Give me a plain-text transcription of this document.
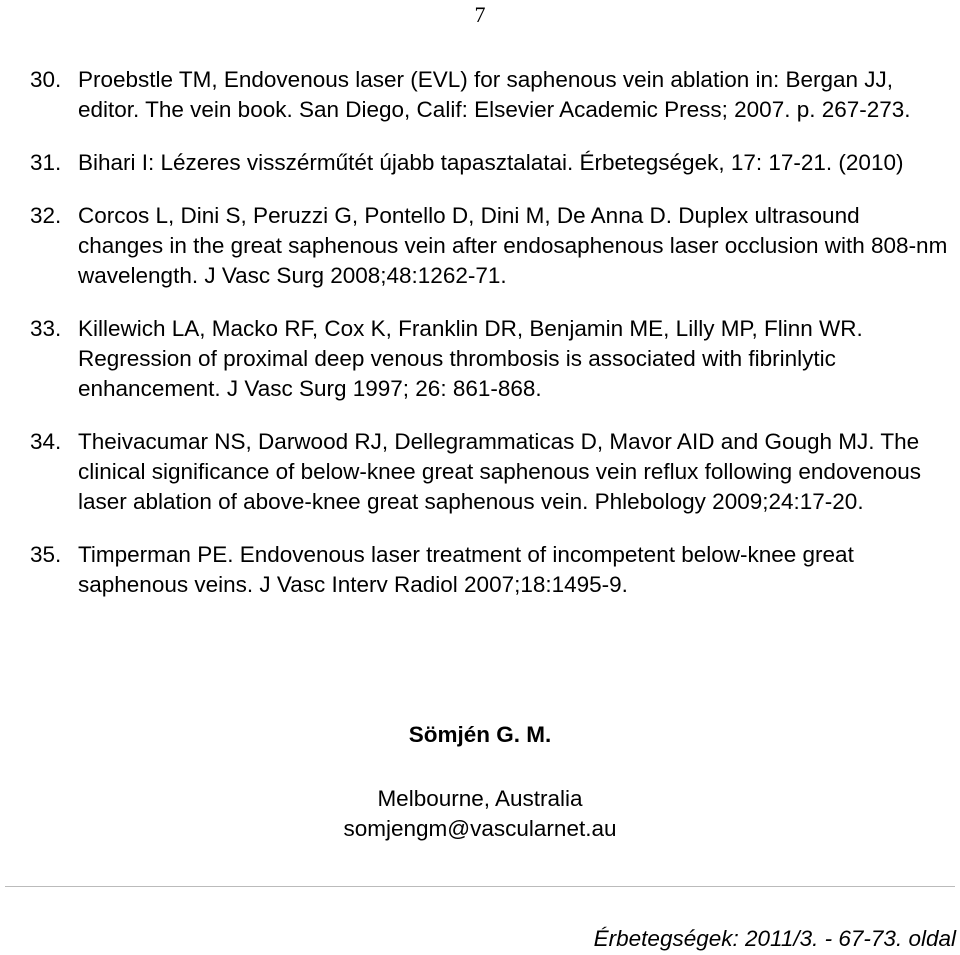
7
30. Proebstle TM, Endovenous laser (EVL) for saphenous vein ablation in: Bergan JJ, editor. The vein book. San Diego, Calif: Elsevier Academic Press; 2007. p. 267-273.
31. Bihari I: Lézeres visszérműtét újabb tapasztalatai. Érbetegségek, 17: 17-21. (2010)
32. Corcos L, Dini S, Peruzzi G, Pontello D, Dini M, De Anna D. Duplex ultrasound changes in the great saphenous vein after endosaphenous laser occlusion with 808-nm wavelength. J Vasc Surg 2008;48:1262-71.
33. Killewich LA, Macko RF, Cox K, Franklin DR, Benjamin ME, Lilly MP, Flinn WR. Regression of proximal deep venous thrombosis is associated with fibrinlytic enhancement. J Vasc Surg 1997; 26: 861-868.
34. Theivacumar NS, Darwood RJ, Dellegrammaticas D, Mavor AID and Gough MJ. The clinical significance of below-knee great saphenous vein reflux following endovenous laser ablation of above-knee great saphenous vein. Phlebology 2009;24:17-20.
35. Timperman PE. Endovenous laser treatment of incompetent below-knee great saphenous veins. J Vasc Interv Radiol 2007;18:1495-9.
Sömjén G. M.
Melbourne, Australia
somjengm@vascularnet.au
Érbetegségek: 2011/3. - 67-73. oldal
